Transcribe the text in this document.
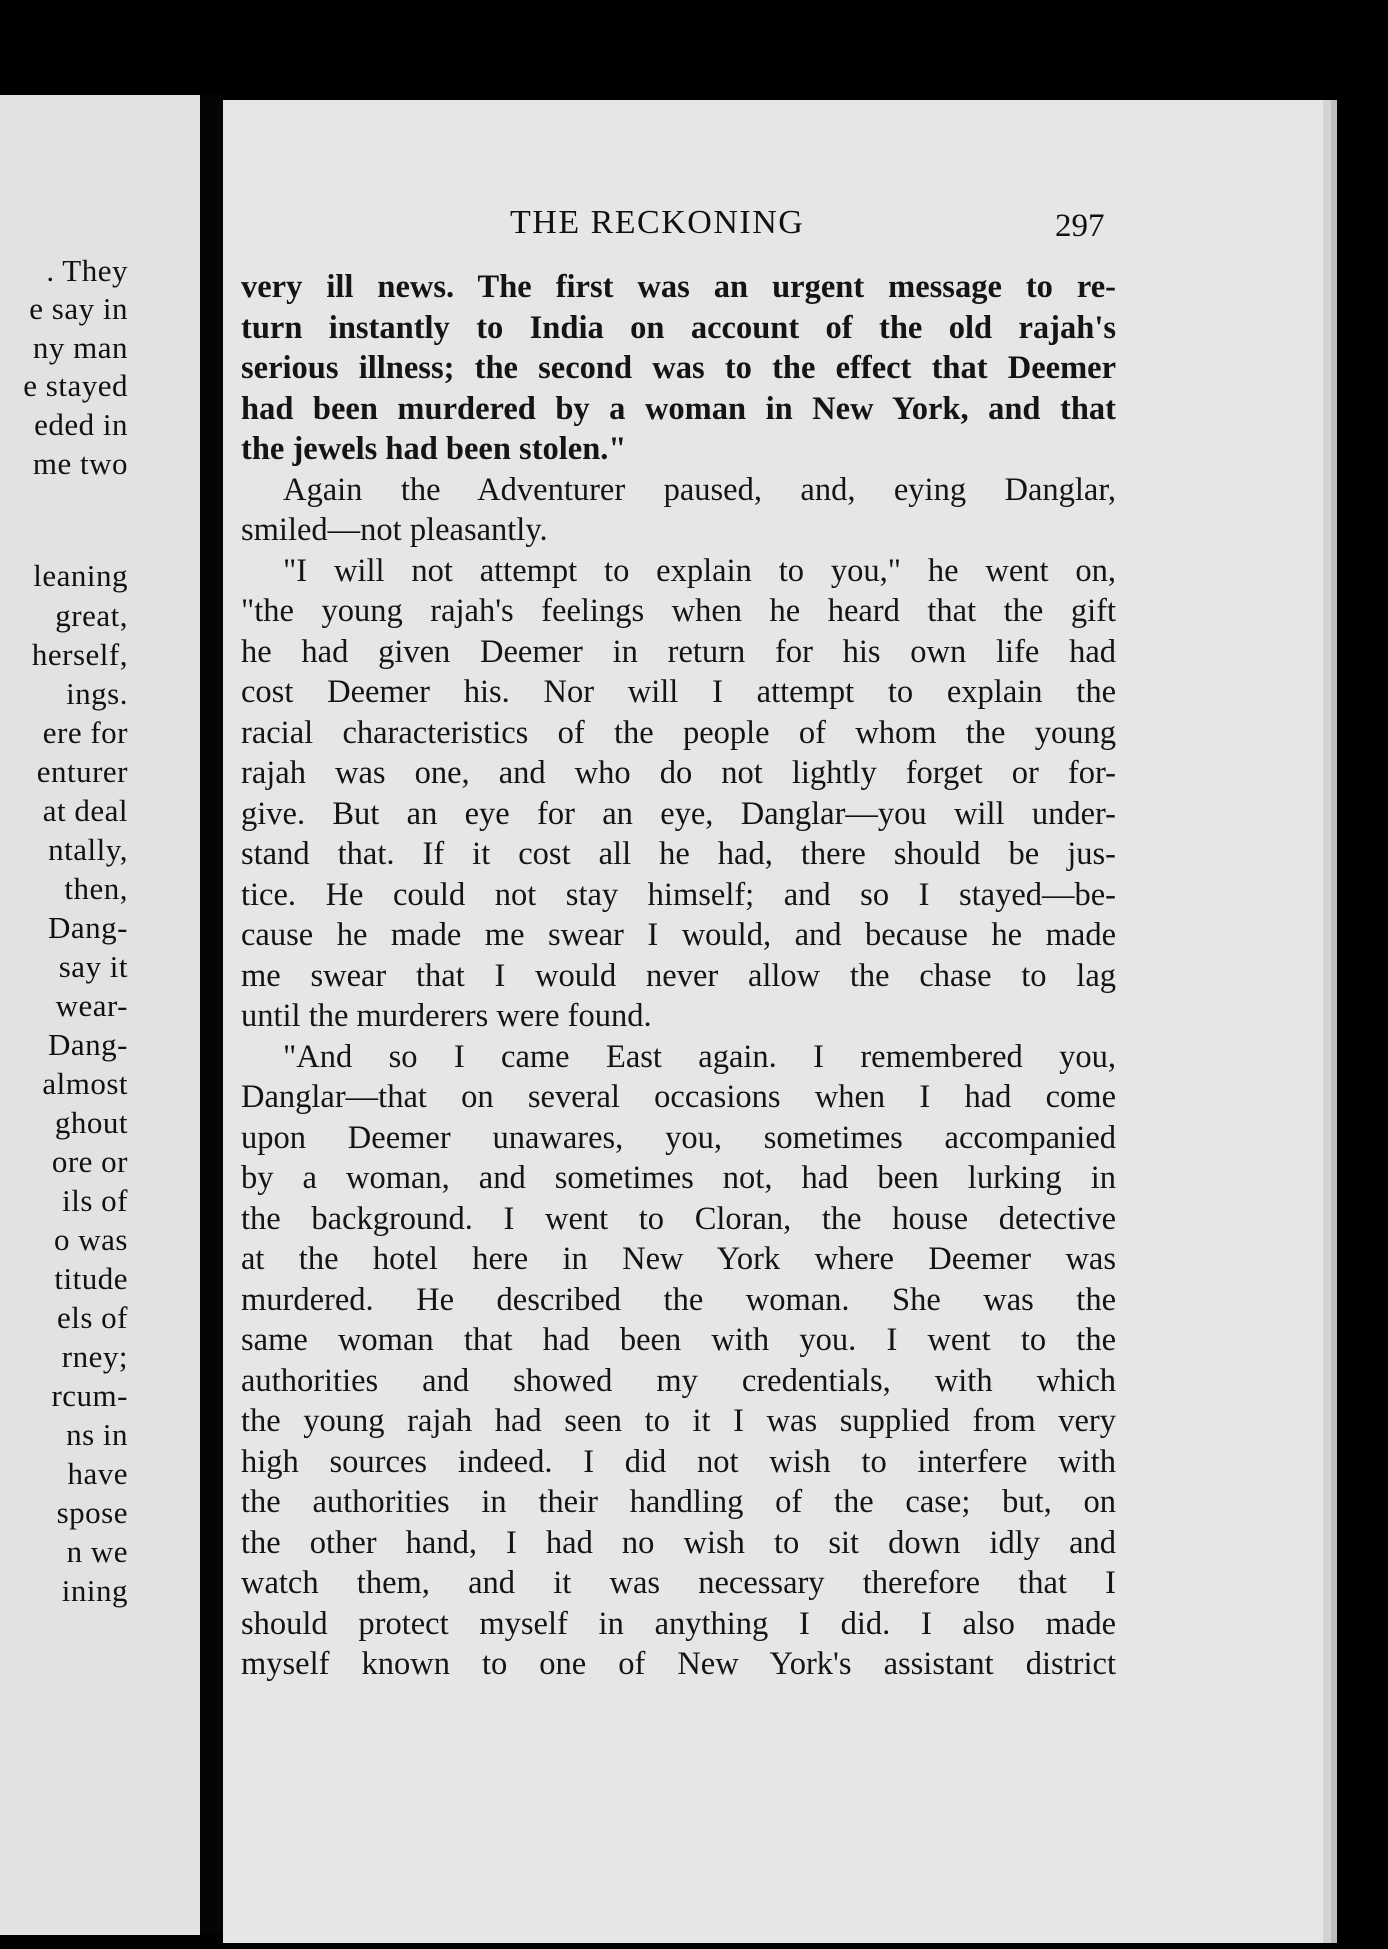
. They
e say in
ny man
e stayed
eded in
me two
leaning
great,
herself,
ings.
ere for
enturer
at deal
ntally,
then,
Dang-
say it
wear-
Dang-
almost
ghout
ore or
ils of
o was
titude
els of
rney;
rcum-
ns in
have
spose
n we
ining
THE RECKONING	297
very ill news. The first was an urgent message to re-
turn instantly to India on account of the old rajah's
serious illness; the second was to the effect that Deemer
had been murdered by a woman in New York, and that
the jewels had been stolen."
Again the Adventurer paused, and, eying Danglar,
smiled—not pleasantly.
"I will not attempt to explain to you," he went on,
"the young rajah's feelings when he heard that the gift
he had given Deemer in return for his own life had
cost Deemer his. Nor will I attempt to explain the
racial characteristics of the people of whom the young
rajah was one, and who do not lightly forget or for-
give. But an eye for an eye, Danglar—you will under-
stand that. If it cost all he had, there should be jus-
tice. He could not stay himself; and so I stayed—be-
cause he made me swear I would, and because he made
me swear that I would never allow the chase to lag
until the murderers were found.
"And so I came East again. I remembered you,
Danglar—that on several occasions when I had come
upon Deemer unawares, you, sometimes accompanied
by a woman, and sometimes not, had been lurking in
the background. I went to Cloran, the house detective
at the hotel here in New York where Deemer was
murdered. He described the woman. She was the
same woman that had been with you. I went to the
authorities and showed my credentials, with which
the young rajah had seen to it I was supplied from very
high sources indeed. I did not wish to interfere with
the authorities in their handling of the case; but, on
the other hand, I had no wish to sit down idly and
watch them, and it was necessary therefore that I
should protect myself in anything I did. I also made
myself known to one of New York's assistant district
